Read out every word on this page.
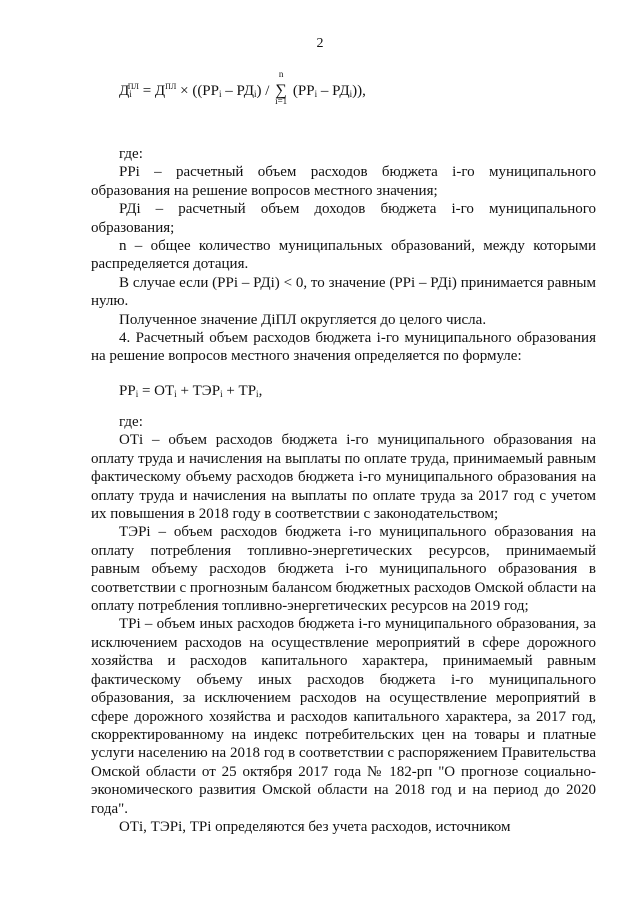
2
$Д_i^{ПЛ} = Д^{ПЛ} \times ((РР_i - РД_i)$ /
n
∑
i=1
$(РР_i - РД_i)$),

где:

РРi – расчетный объем расходов бюджета i-го муниципального образования на решение вопросов местного значения;

РДi – расчетный объем доходов бюджета i-го муниципального образования;

n – общее количество муниципальных образований, между которыми распределяется дотация.

В случае если (РРi – РДi) < 0, то значение (РРi – РДi) принимается равным нулю.

Полученное значение ДiПЛ округляется до целого числа.

4. Расчетный объем расходов бюджета i-го муниципального образования на решение вопросов местного значения определяется по формуле:

$РР_i = ОТ_i + ТЭР_i + ТР_i$,

где:

ОТi – объем расходов бюджета i-го муниципального образования на оплату труда и начисления на выплаты по оплате труда, принимаемый равным фактическому объему расходов бюджета i-го муниципального образования на оплату труда и начисления на выплаты по оплате труда за 2017 год с учетом их повышения в 2018 году в соответствии с законодательством;

ТЭРi – объем расходов бюджета i-го муниципального образования на оплату потребления топливно-энергетических ресурсов, принимаемый равным объему расходов бюджета i-го муниципального образования в соответствии с прогнозным балансом бюджетных расходов Омской области на оплату потребления топливно-энергетических ресурсов на 2019 год;

ТРi – объем иных расходов бюджета i-го муниципального образования, за исключением расходов на осуществление мероприятий в сфере дорожного хозяйства и расходов капитального характера, принимаемый равным фактическому объему иных расходов бюджета i-го муниципального образования, за исключением расходов на осуществление мероприятий в сфере дорожного хозяйства и расходов капитального характера, за 2017 год, скорректированному на индекс потребительских цен на товары и платные услуги населению на 2018 год в соответствии с распоряжением Правительства Омской области от 25 октября 2017 года № 182-рп "О прогнозе социально-экономического развития Омской области на 2018 год и на период до 2020 года".

ОТi, ТЭРi, ТРi определяются без учета расходов, источником
